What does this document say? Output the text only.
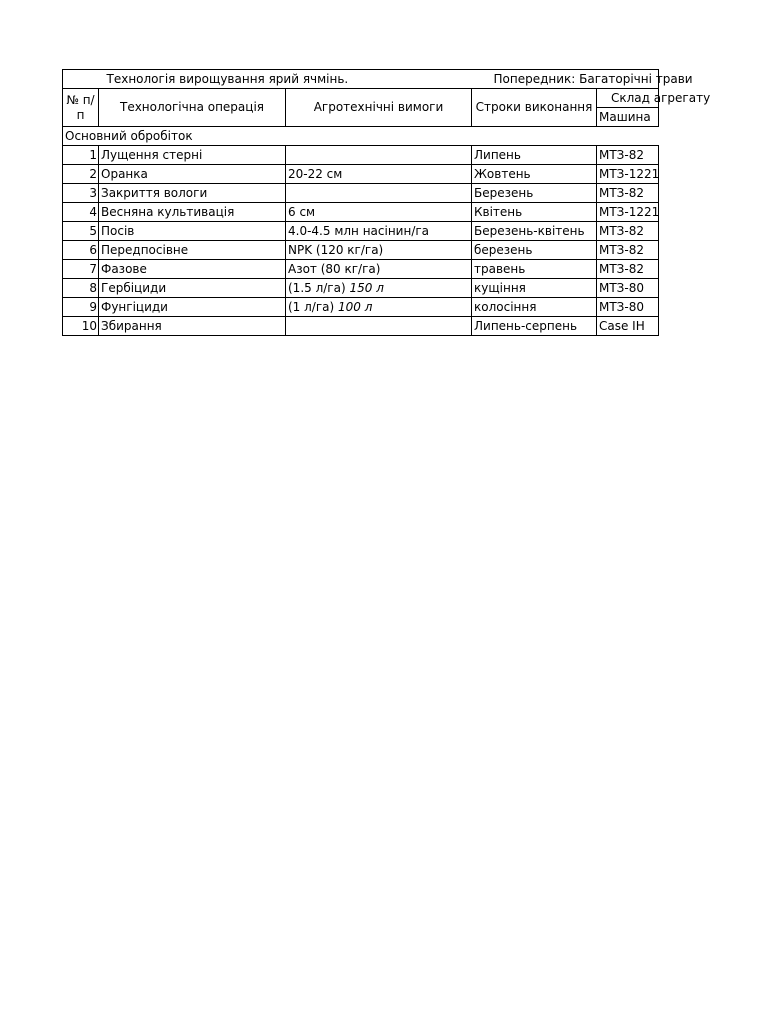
	Технологія вирощування ярий ячмінь.		Попередник: Багаторічні трави	

№ п/п	Технологічна операція	Агротехнічні вимоги	Строки виконання	Склад агрегату
				Машина
Основний обробіток				
1	Лущення стерні		Липень	МТЗ-82
2	Оранка	20-22 см	Жовтень	МТЗ-1221
3	Закриття вологи		Березень	МТЗ-82
4	Весняна культивація	6 см	Квітень	МТЗ-1221
5	Посів	4.0-4.5 млн насінин/га	Березень-квітень	МТЗ-82
6	Передпосівне	NPK (120 кг/га)	березень	МТЗ-82
7	Фазове	Азот (80 кг/га)	травень	МТЗ-82
8	Гербіциди	(1.5 л/га) 150 л	кущіння	МТЗ-80
9	Фунгіциди	(1 л/га) 100 л	колосіння	МТЗ-80
10	Збирання		Липень-серпень	Case IH
